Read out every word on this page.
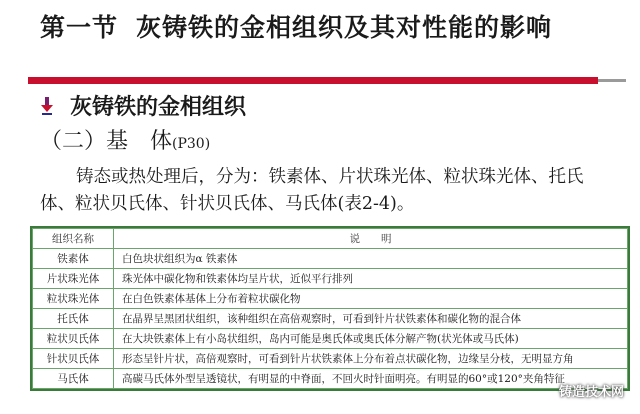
第一节 灰铸铁的金相组织及其对性能的影响
灰铸铁的金相组织
（二）基　体(P30)
铸态或热处理后，分为：铁素体、片状珠光体、粒状珠光体、托氏体、粒状贝氏体、针状贝氏体、马氏体(表2-4)。
组织名称	说　　明
铁素体	白色块状组织为α 铁素体
片状珠光体	珠光体中碳化物和铁素体均呈片状，近似平行排列
粒状珠光体	在白色铁素体基体上分布着粒状碳化物
托氏体	在晶界呈黑团状组织，该种组织在高倍观察时，可看到针片状铁素体和碳化物的混合体
粒状贝氏体	在大块铁素体上有小岛状组织，岛内可能是奥氏体或奥氏体分解产物(状光体或马氏体)
针状贝氏体	形态呈针片状，高倍观察时，可看到针片状铁素体上分布着点状碳化物，边缘呈分枝，无明显方角
马氏体	高碳马氏体外型呈透镜状，有明显的中脊面，不回火时针面明亮。有明显的60°或120°夹角特征
铸造技术网
